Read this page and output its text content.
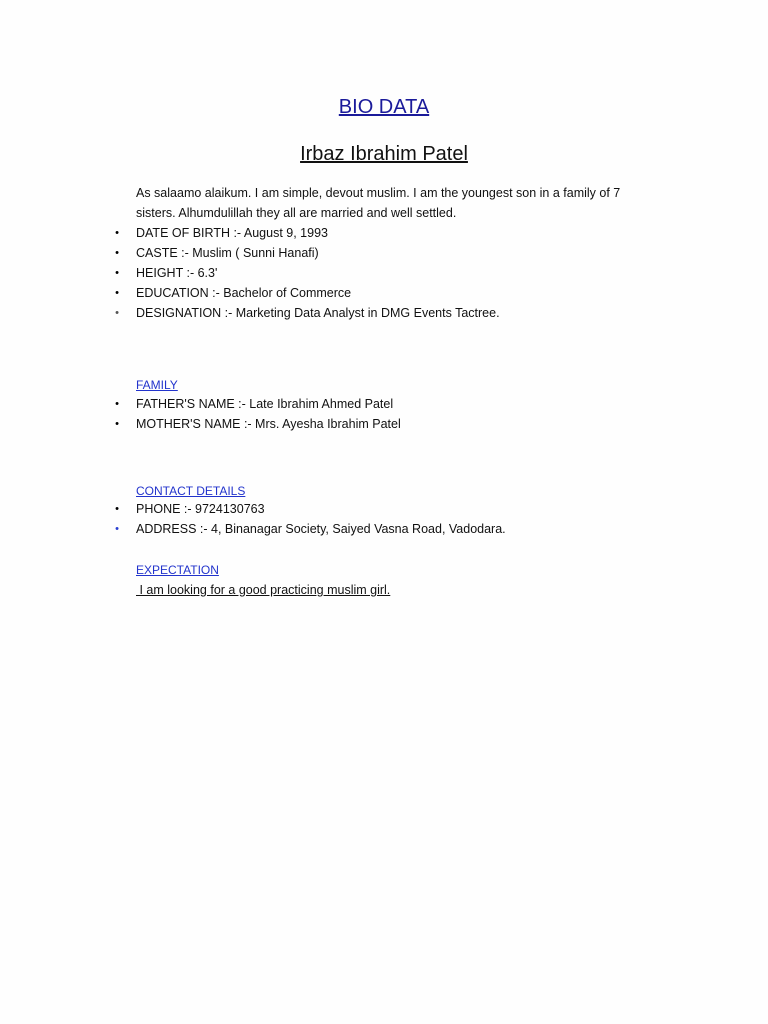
BIO DATA
Irbaz Ibrahim Patel
As salaamo alaikum. I am simple, devout muslim. I am the youngest son in a family of 7 sisters. Alhumdulillah they all are married and well settled.
• DATE OF BIRTH :- August 9, 1993
• CASTE :- Muslim ( Sunni Hanafi)
• HEIGHT :- 6.3'
• EDUCATION :- Bachelor of Commerce
• DESIGNATION :- Marketing Data Analyst in DMG Events Tactree.
FAMILY
• FATHER'S NAME :- Late Ibrahim Ahmed Patel
• MOTHER'S NAME :- Mrs. Ayesha Ibrahim Patel
CONTACT DETAILS
• PHONE :- 9724130763
• ADDRESS :- 4, Binanagar Society, Saiyed Vasna Road, Vadodara.
EXPECTATION
I am looking for a good practicing muslim girl.
